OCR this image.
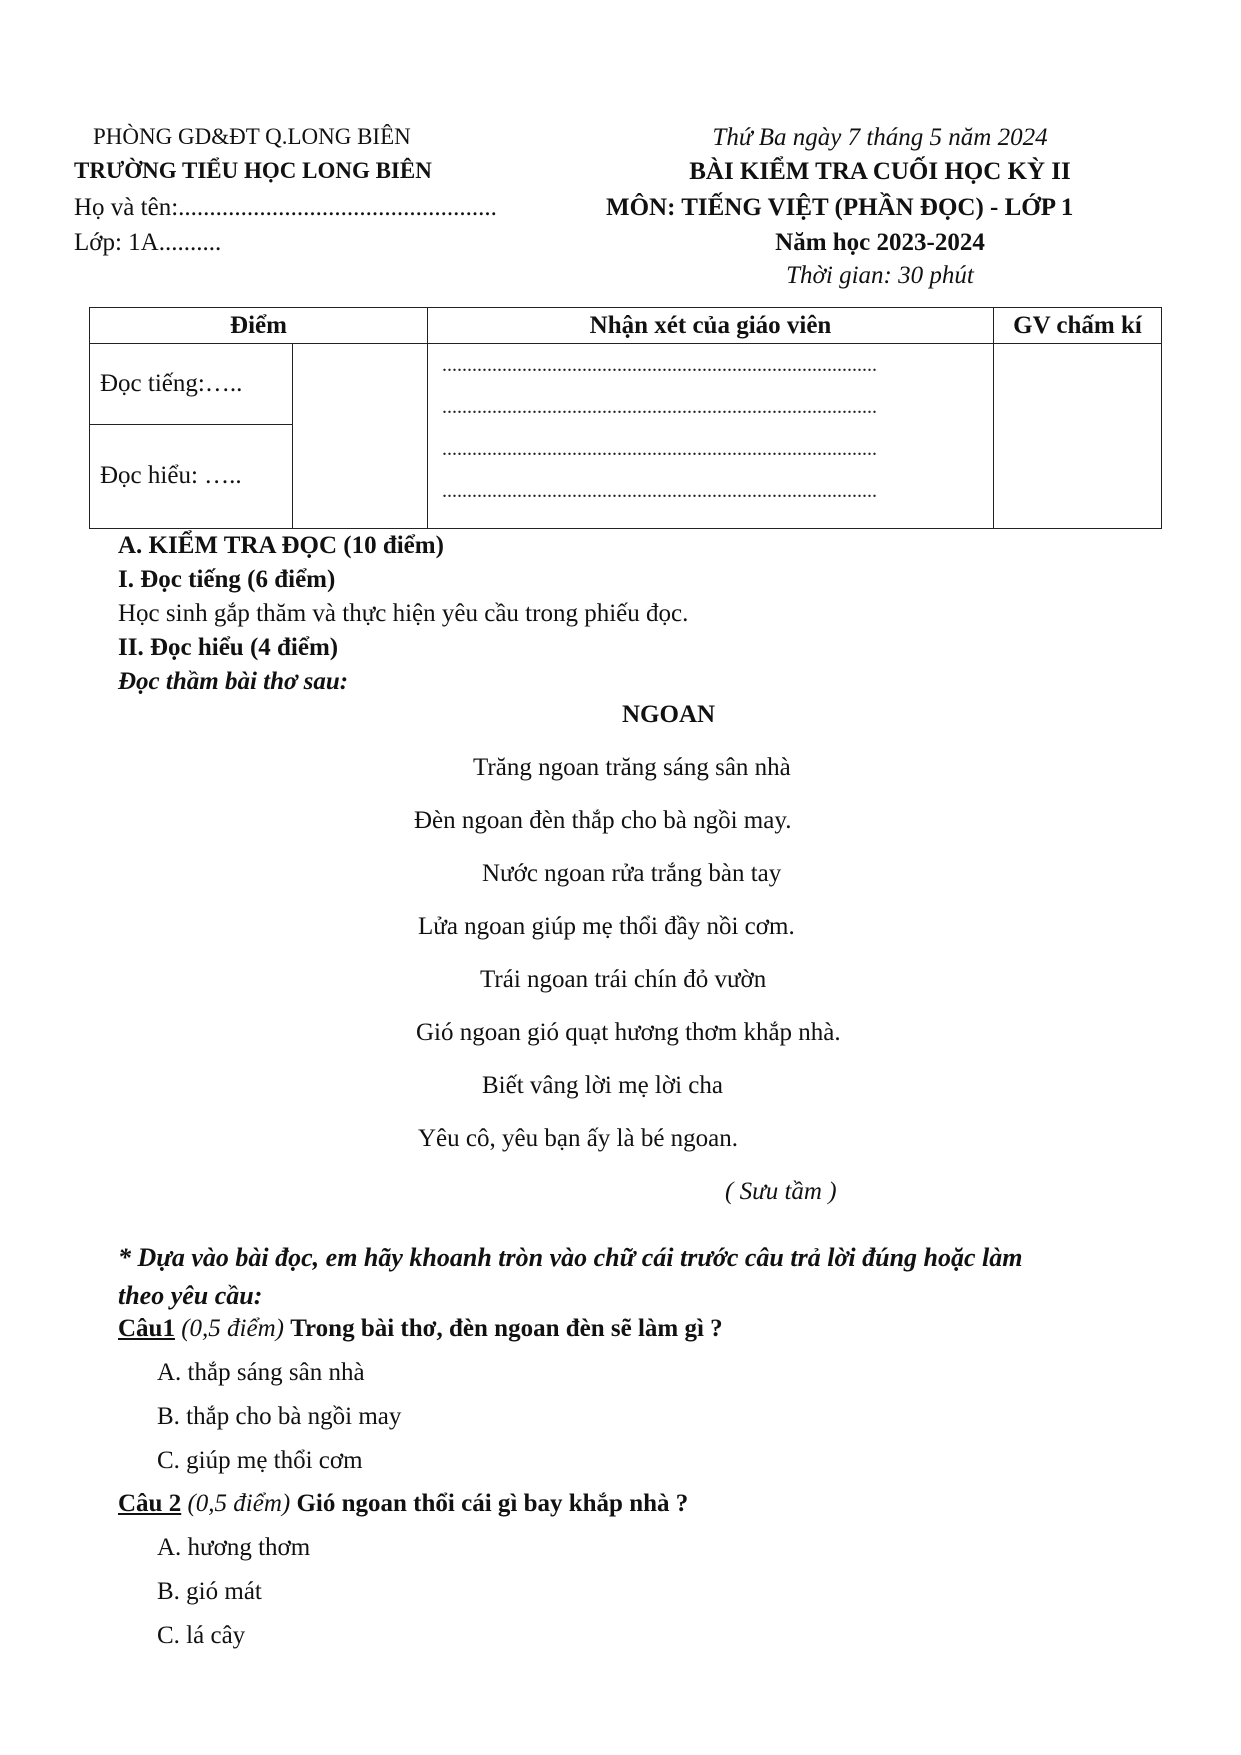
PHÒNG GD&ĐT Q.LONG BIÊN
TRƯỜNG TIỂU HỌC LONG BIÊN
Họ và tên:...................................................
Lớp: 1A..........
Thứ Ba ngày 7 tháng 5 năm 2024
BÀI KIỂM TRA CUỐI HỌC KỲ II
MÔN: TIẾNG VIỆT (PHẦN ĐỌC) - LỚP 1
Năm học 2023-2024
Thời gian: 30 phút
Điểm		Nhận xét của giáo viên	GV chấm kí
Đọc tiếng:…..		.......................................................................................
.......................................................................................
.......................................................................................
.......................................................................................	

Đọc hiểu: …..			
A. KIỂM TRA ĐỌC (10 điểm)
I. Đọc tiếng (6 điểm)
Học sinh gắp thăm và thực hiện yêu cầu trong phiếu đọc.
II. Đọc hiểu (4 điểm)
Đọc thầm bài thơ sau:
NGOAN
Trăng ngoan trăng sáng sân nhà
Đèn ngoan đèn thắp cho bà ngồi may.
Nước ngoan rửa trắng bàn tay
Lửa ngoan giúp mẹ thổi đầy nồi cơm.
Trái ngoan trái chín đỏ vườn
Gió ngoan gió quạt hương thơm khắp nhà.
Biết vâng lời mẹ lời cha
Yêu cô, yêu bạn ấy là bé ngoan.
( Sưu tầm )
* Dựa vào bài đọc, em hãy khoanh tròn vào chữ cái trước câu trả lời đúng hoặc làm
theo yêu cầu:
Câu1 (0,5 điểm) Trong bài thơ, đèn ngoan đèn sẽ làm gì ?
A. thắp sáng sân nhà
B. thắp cho bà ngồi may
C. giúp mẹ thổi cơm
Câu 2 (0,5 điểm) Gió ngoan thổi cái gì bay khắp nhà ?
A. hương thơm
B. gió mát
C. lá cây
